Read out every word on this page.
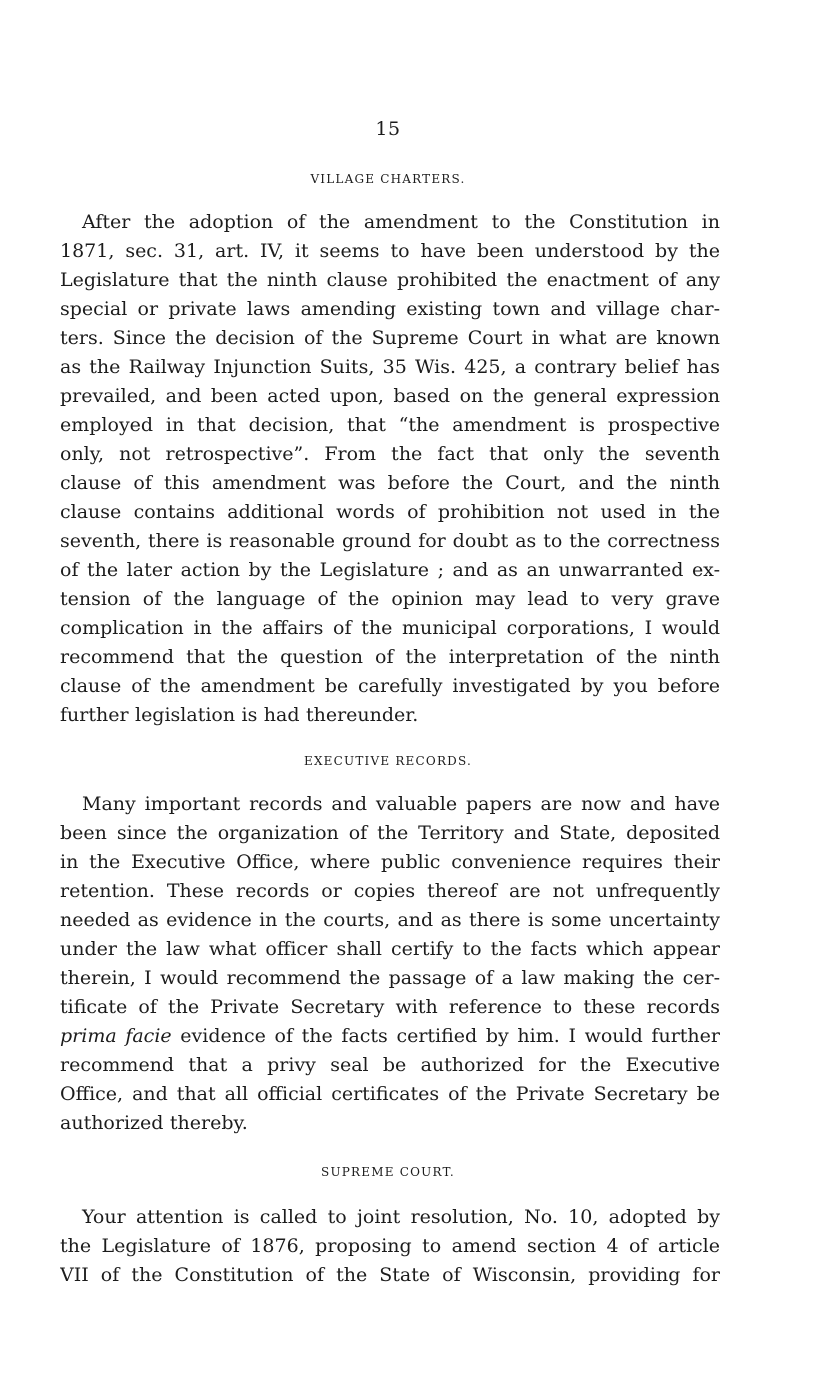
15
VILLAGE CHARTERS.
After the adoption of the amendment to the Constitution in
1871, sec. 31, art. IV, it seems to have been understood by the
Legislature that the ninth clause prohibited the enactment of any
special or private laws amending existing town and village char-
ters. Since the decision of the Supreme Court in what are known
as the Railway Injunction Suits, 35 Wis. 425, a contrary belief has
prevailed, and been acted upon, based on the general expression
employed in that decision, that “the amendment is prospective
only, not retrospective”. From the fact that only the seventh
clause of this amendment was before the Court, and the ninth
clause contains additional words of prohibition not used in the
seventh, there is reasonable ground for doubt as to the correctness
of the later action by the Legislature ; and as an unwarranted ex-
tension of the language of the opinion may lead to very grave
complication in the affairs of the municipal corporations, I would
recommend that the question of the interpretation of the ninth
clause of the amendment be carefully investigated by you before
further legislation is had thereunder.
EXECUTIVE RECORDS.
Many important records and valuable papers are now and have
been since the organization of the Territory and State, deposited
in the Executive Office, where public convenience requires their
retention. These records or copies thereof are not unfrequently
needed as evidence in the courts, and as there is some uncertainty
under the law what officer shall certify to the facts which appear
therein, I would recommend the passage of a law making the cer-
tificate of the Private Secretary with reference to these records
prima facie evidence of the facts certified by him. I would further
recommend that a privy seal be authorized for the Executive
Office, and that all official certificates of the Private Secretary be
authorized thereby.
SUPREME COURT.
Your attention is called to joint resolution, No. 10, adopted by
the Legislature of 1876, proposing to amend section 4 of article
VII of the Constitution of the State of Wisconsin, providing for
